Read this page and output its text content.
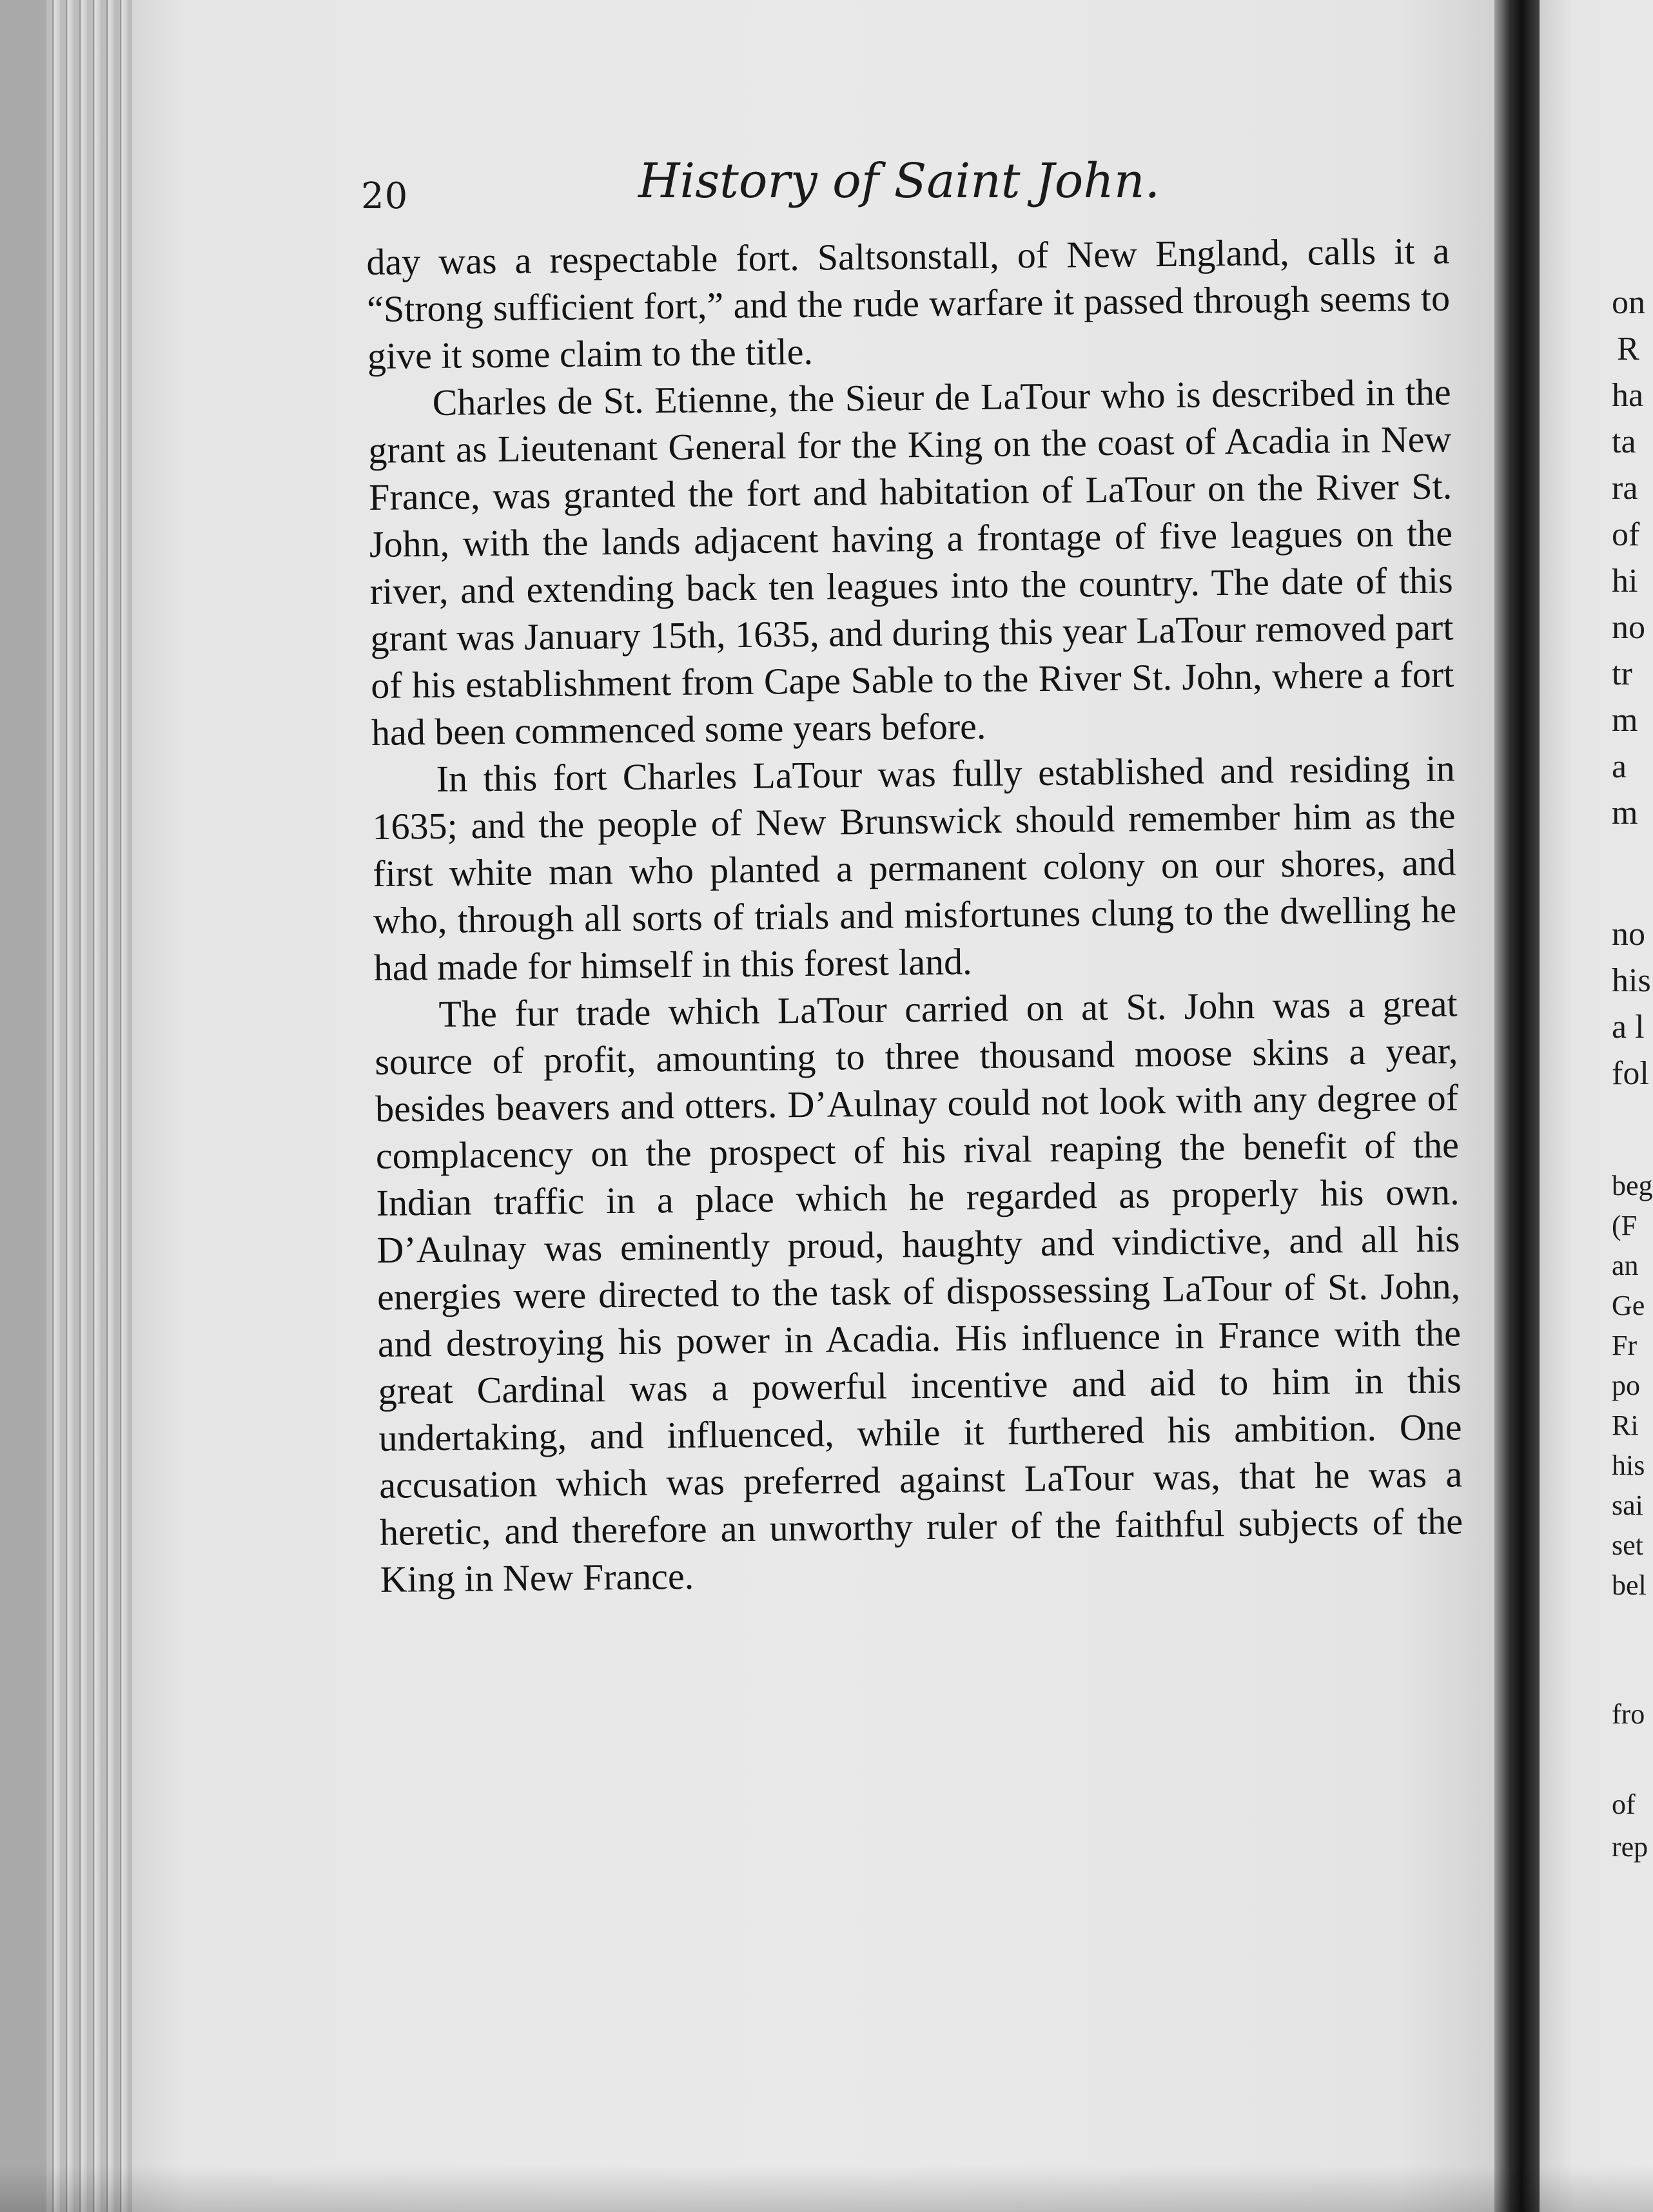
20	History of Saint John.

day was a respectable fort. Saltsonstall, of New England, calls it a “Strong sufficient fort,” and the rude warfare it passed through seems to give it some claim to the title.

Charles de St. Etienne, the Sieur de LaTour who is described in the grant as Lieutenant General for the King on the coast of Acadia in New France, was granted the fort and habitation of LaTour on the River St. John, with the lands adjacent having a frontage of five leagues on the river, and extending back ten leagues into the country. The date of this grant was January 15th, 1635, and during this year LaTour removed part of his establishment from Cape Sable to the River St. John, where a fort had been commenced some years before.

In this fort Charles LaTour was fully established and residing in 1635; and the people of New Brunswick should remember him as the first white man who planted a permanent colony on our shores, and who, through all sorts of trials and misfortunes clung to the dwelling he had made for himself in this forest land.

The fur trade which LaTour carried on at St. John was a great source of profit, amounting to three thousand moose skins a year, besides beavers and otters. D’Aulnay could not look with any degree of complacency on the prospect of his rival reaping the benefit of the Indian traffic in a place which he regarded as properly his own. D’Aulnay was eminently proud, haughty and vindictive, and all his energies were directed to the task of dispossessing LaTour of St. John, and destroying his power in Acadia. His influence in France with the great Cardinal was a powerful incentive and aid to him in this undertaking, and influenced, while it furthered his ambition. One accusation which was preferred against LaTour was, that he was a heretic, and therefore an unworthy ruler of the faithful subjects of the King in New France.

on
R
ha
ta
ra
of
hi
no
tr
m
a
m
no
his
a l
fol
beg
(F
an
Ge
Fr
po
Ri
his
sai
set
bel
fro
of
rep
